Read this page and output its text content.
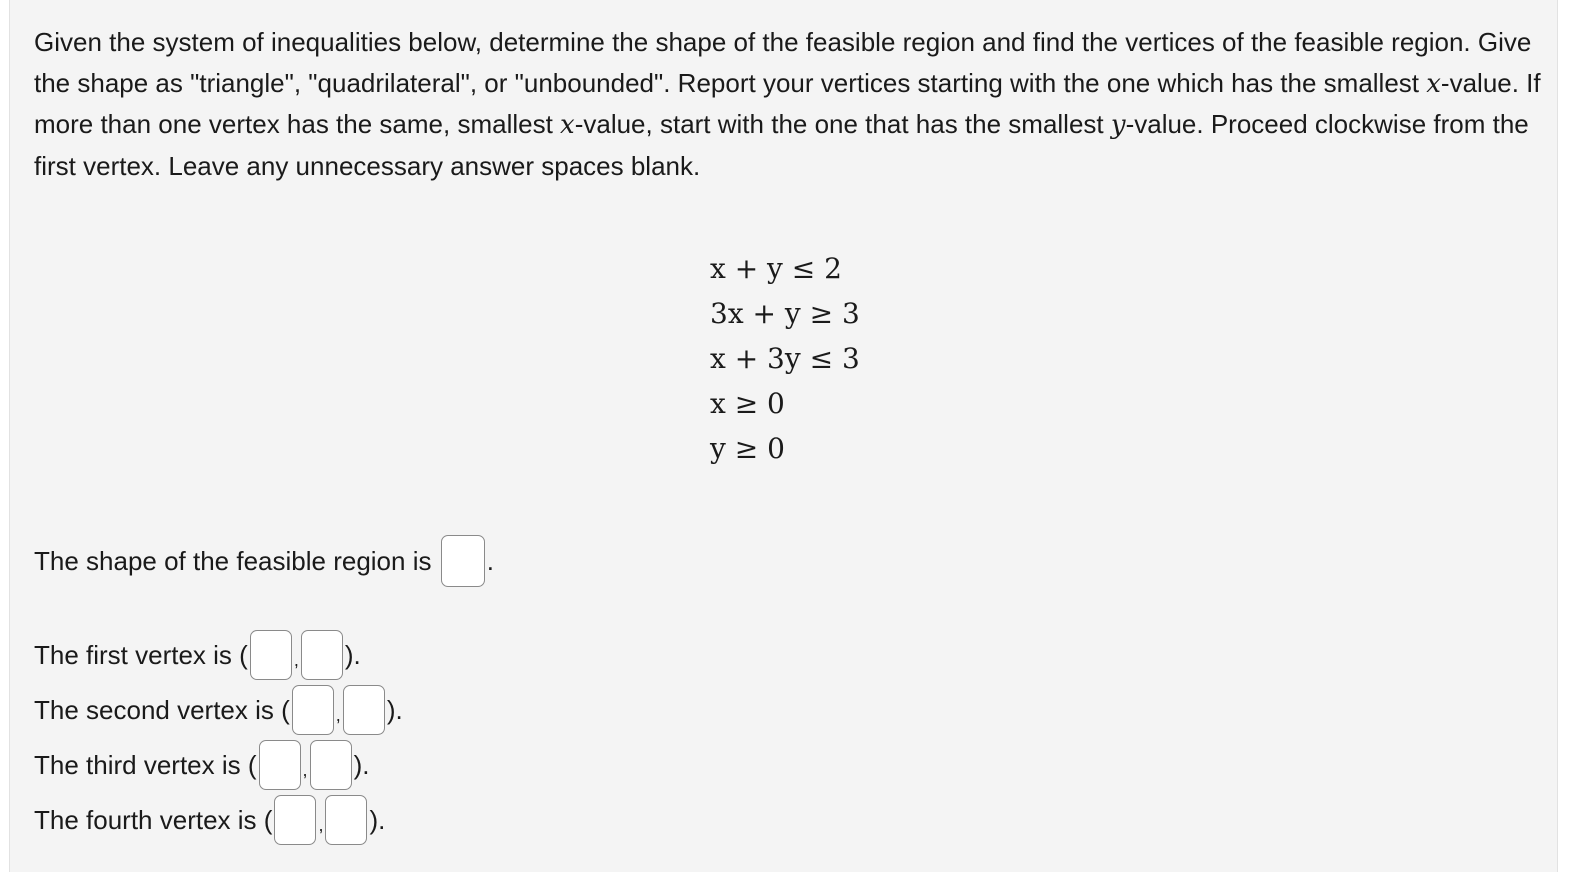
Given the system of inequalities below, determine the shape of the feasible region and find the vertices of the feasible region. Give the shape as "triangle", "quadrilateral", or "unbounded". Report your vertices starting with the one which has the smallest x-value. If more than one vertex has the same, smallest x-value, start with the one that has the smallest y-value. Proceed clockwise from the first vertex. Leave any unnecessary answer spaces blank.

x + y ≤ 2
3x + y ≥ 3
x + 3y ≤ 3
x ≥ 0
y ≥ 0
The shape of the feasible region is
.
The first vertex is
(	, ).
The second vertex is
(	, ).
The third vertex is
(	, ).
The fourth vertex is
(	, ).
